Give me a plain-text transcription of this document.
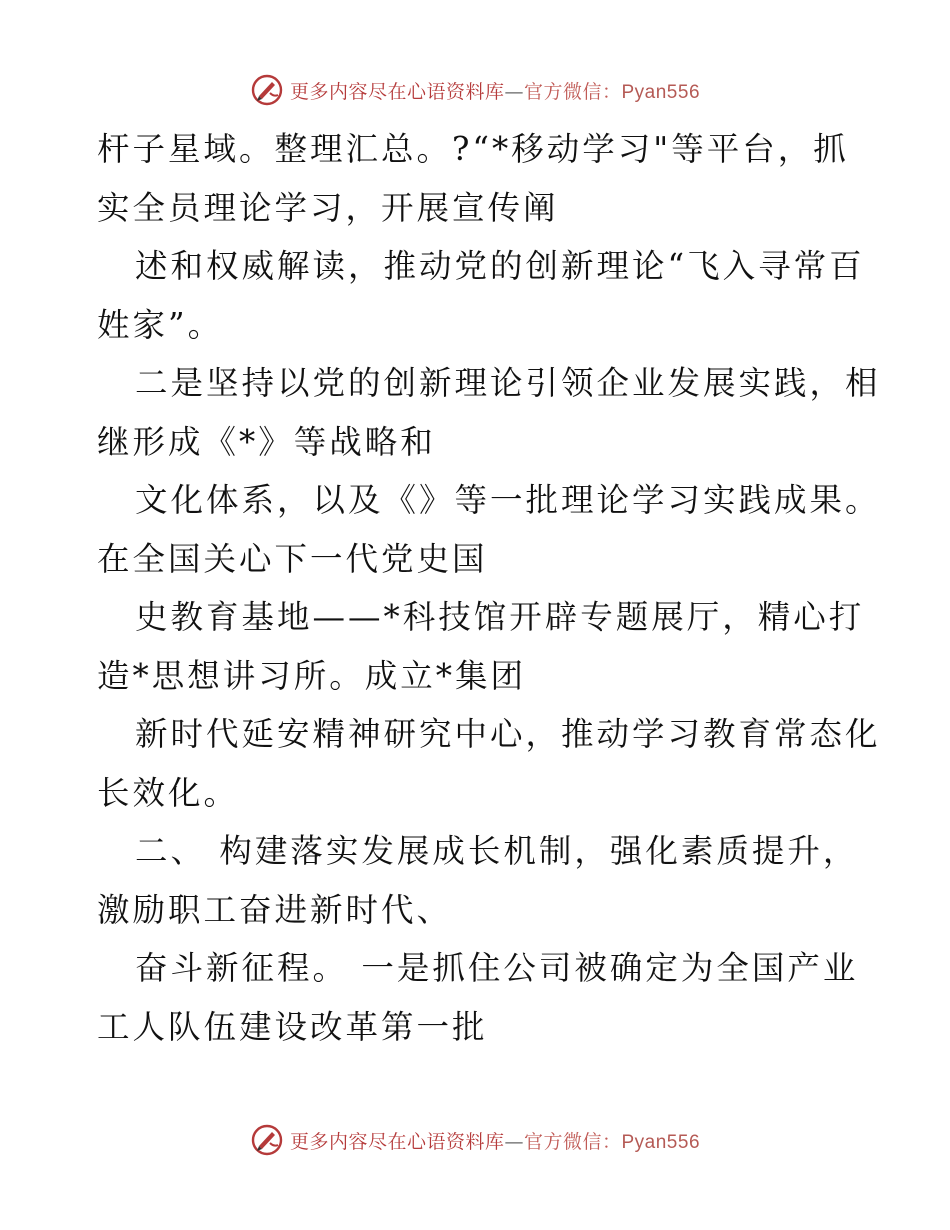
更多内容尽在心语资料库—官方微信：Pyan556
杆子星域。整理汇总。?“*移动学习"等平台，抓
实全员理论学习，开展宣传阐
述和权威解读，推动党的创新理论“飞入寻常百
姓家”。
二是坚持以党的创新理论引领企业发展实践，相
继形成《*》等战略和
文化体系，以及《》等一批理论学习实践成果。
在全国关心下一代党史国
史教育基地——*科技馆开辟专题展厅，精心打
造*思想讲习所。成立*集团
新时代延安精神研究中心，推动学习教育常态化
长效化。
二、 构建落实发展成长机制，强化素质提升，
激励职工奋进新时代、
奋斗新征程。 一是抓住公司被确定为全国产业
工人队伍建设改革第一批
更多内容尽在心语资料库—官方微信：Pyan556
